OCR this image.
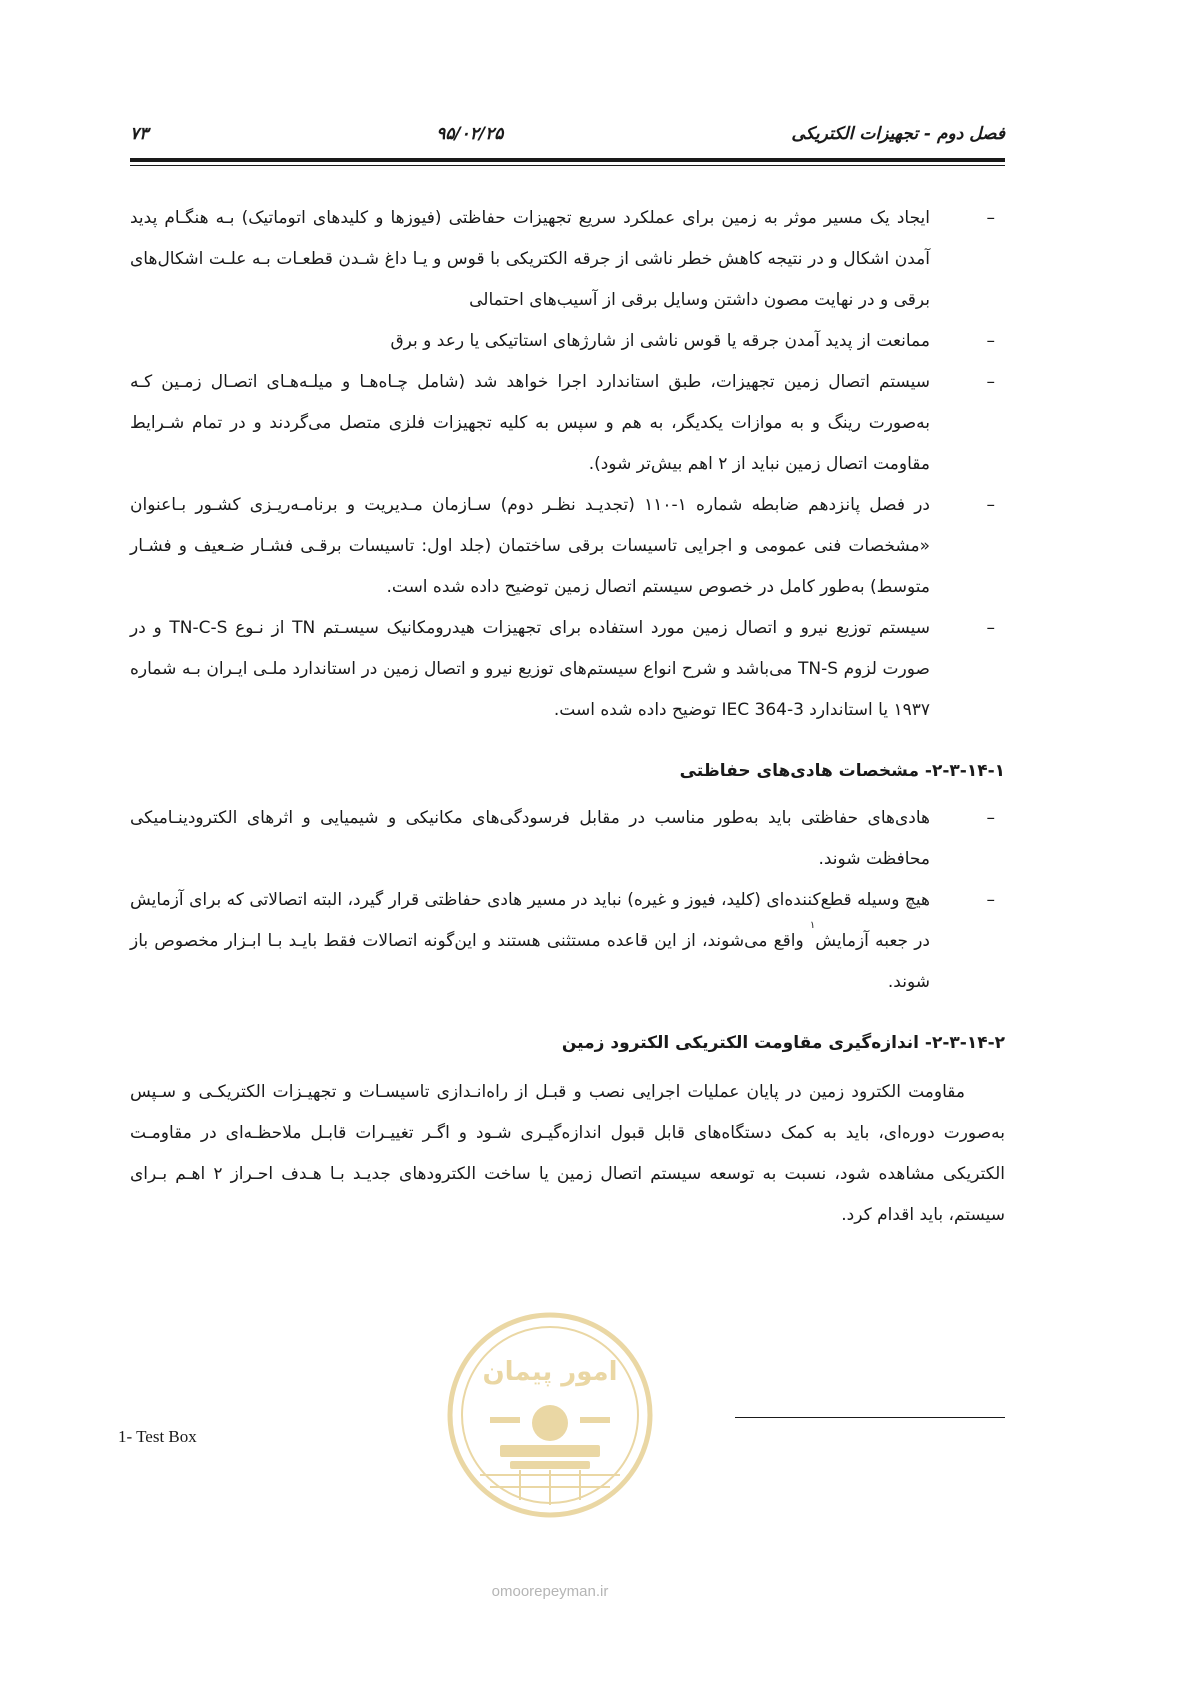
۷۳	۹۵/۰۲/۲۵	فصل دوم - تجهیزات الکتریکی
–
ایجاد یک مسیر موثر به زمین برای عملکرد سریع تجهیزات حفاظتی (فیوزها و کلیدهای اتوماتیک) بـه هنگـام پدید آمدن اشکال و در نتیجه کاهش خطر ناشی از جرقه الکتریکی با قوس و یـا داغ شـدن قطعـات بـه علـت اشکال‌های برقی و در نهایت مصون داشتن وسایل برقی از آسیب‌های احتمالی
–
ممانعت از پدید آمدن جرقه یا قوس ناشی از شارژهای استاتیکی یا رعد و برق
–
سیستم اتصال زمین تجهیزات، طبق استاندارد اجرا خواهد شد (شامل چـاه‌هـا و میلـه‌هـای اتصـال زمـین کـه به‌صورت رینگ و به موازات یکدیگر، به هم و سپس به کلیه تجهیزات فلزی متصل می‌گردند و در تمام شـرایط مقاومت اتصال زمین نباید از ۲ اهم بیش‌تر شود).
–
در فصل پانزدهم ضابطه شماره ۱-۱۱۰ (تجدیـد نظـر دوم) سـازمان مـدیریت و برنامـه‌ریـزی کشـور بـاعنوان «مشخصات فنی عمومی و اجرایی تاسیسات برقی ساختمان (جلد اول: تاسیسات برقـی فشـار ضـعیف و فشـار متوسط) به‌طور کامل در خصوص سیستم اتصال زمین توضیح داده شده است.
–
سیستم توزیع نیرو و اتصال زمین مورد استفاده برای تجهیزات هیدرومکانیک سیسـتم TN از نـوع TN-C-S و در صورت لزوم TN-S می‌باشد و شرح انواع سیستم‌های توزیع نیرو و اتصال زمین در استاندارد ملـی ایـران بـه شماره ۱۹۳۷ یا استاندارد IEC 364-3 توضیح داده شده است.
۲-۳-۱۴-۱- مشخصات هادی‌های حفاظتی
–
هادی‌های حفاظتی باید به‌طور مناسب در مقابل فرسودگی‌های مکانیکی و شیمیایی و اثرهای الکترودینـامیکی محافظت شوند.
–
هیچ وسیله قطع‌کننده‌ای (کلید، فیوز و غیره) نباید در مسیر هادی حفاظتی قرار گیرد، البته اتصالاتی که برای آزمایش در جعبه آزمایش$^۱$ واقع می‌شوند، از این قاعده مستثنی هستند و این‌گونه اتصالات فقط بایـد بـا ابـزار مخصوص باز شوند.
۲-۳-۱۴-۲- اندازه‌گیری مقاومت الکتریکی الکترود زمین
مقاومت الکترود زمین در پایان عملیات اجرایی نصب و قبـل از راه‌انـدازی تاسیسـات و تجهیـزات الکتریکـی و سـپس به‌صورت دوره‌ای، باید به کمک دستگاه‌های قابل قبول اندازه‌گیـری شـود و اگـر تغییـرات قابـل ملاحظـه‌ای در مقاومـت الکتریکی مشاهده شود، نسبت به توسعه سیستم اتصال زمین یا ساخت الکترودهای جدیـد بـا هـدف احـراز ۲ اهـم بـرای سیستم، باید اقدام کرد.
امور پیمان
omoorepeyman.ir
1- Test Box
